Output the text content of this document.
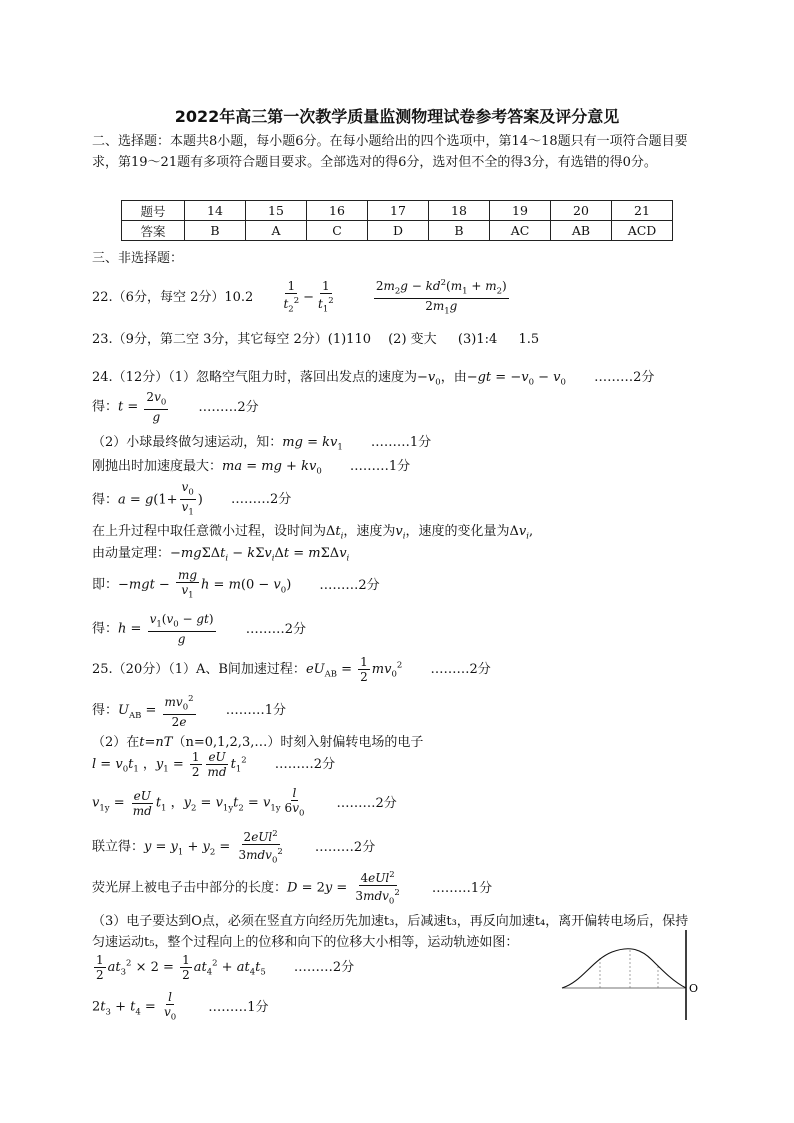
2022年高三第一次教学质量监测物理试卷参考答案及评分意见
二、选择题：本题共8小题，每小题6分。在每小题给出的四个选项中，第14～18题只有一项符合题目要求，第19～21题有多项符合题目要求。全部选对的得6分，选对但不全的得3分，有选错的得0分。
题号	14	15	16	17	18	19	20	21
答案	B	A	C	D	B	AC	AB	ACD
三、非选择题：
22.（6分，每空 2分）$10.2 \frac{1}{t_2^2} - \frac{1}{t_1^2}$
	$\frac{2m_2g - kd^2(m_1 + m_2)}{2m_1g}$
23.（9分，第二空 3分，其它每空 2分）(1)110 　(2) 变大 　 (3)1:4 　 1.5
24.（12分）（1）忽略空气阻力时，落回出发点的速度为$-v_0$，由$-gt = -v_0 - v_0$ ………2分
得：$t = \frac{2v_0}{g}$ ………2分
（2）小球最终做匀速运动，知：mg = $kv_1$ ………1分
刚抛出时加速度最大：ma = mg + $kv_0$ ………1分
得：$a = g(1+ \frac{v_0}{v_1}$ ) ………2分
在上升过程中取任意微小过程，设时间为$\Delta t_i$，速度为$v_i$，速度的变化量为$\Delta v_i$,
由动量定理：−mgΣΔt$_i$ − kΣv$_i$Δt = mΣΔv$_i$
即：$-mgt - \frac{mg}{v_1}$ $h = m(0 - v_0)$ ………2分
得：$h = \frac{v_1(v_0 - gt)}{g}$ ………2分
25.（20分）（1）A、B间加速过程：$eU_{AB} = \frac{1}{2} mv_0^2$ ………2分
得：$U_{AB} = \frac{mv_0^2}{2e}$ ………1分
（2）在t=nT（n=0,1,2,3,…）时刻入射偏转电场的电子
$l = v_0t_1$ ，$y_1 = \frac{1}{2} \frac{eU}{md} t_1^2$ ………2分
$v_{1y} = \frac{eU}{md} t_1$ ，$y_2 = v_{1y}t_2 = v_{1y} \frac{l}{6v_0}$ ………2分
联立得：$y = y_1 + y_2 = \frac{2eUl^2}{3mdv_0^2}$ ………2分
荧光屏上被电子击中部分的长度：$D = 2y = \frac{4eUl^2}{3mdv_0^2}$ ………1分
（3）电子要达到O点，必须在竖直方向经历先加速t₃，后减速t₃，再反向加速t₄，离开偏转电场后，保持匀速运动t₅，整个过程向上的位移和向下的位移大小相等，运动轨迹如图：
$\frac{1}{2} at_3^2 \times 2 = \frac{1}{2} at_4^2 + at_4t_5$ ………2分
$2t_3 + t_4 = \frac{l}{v_0}$ ………1分
O
